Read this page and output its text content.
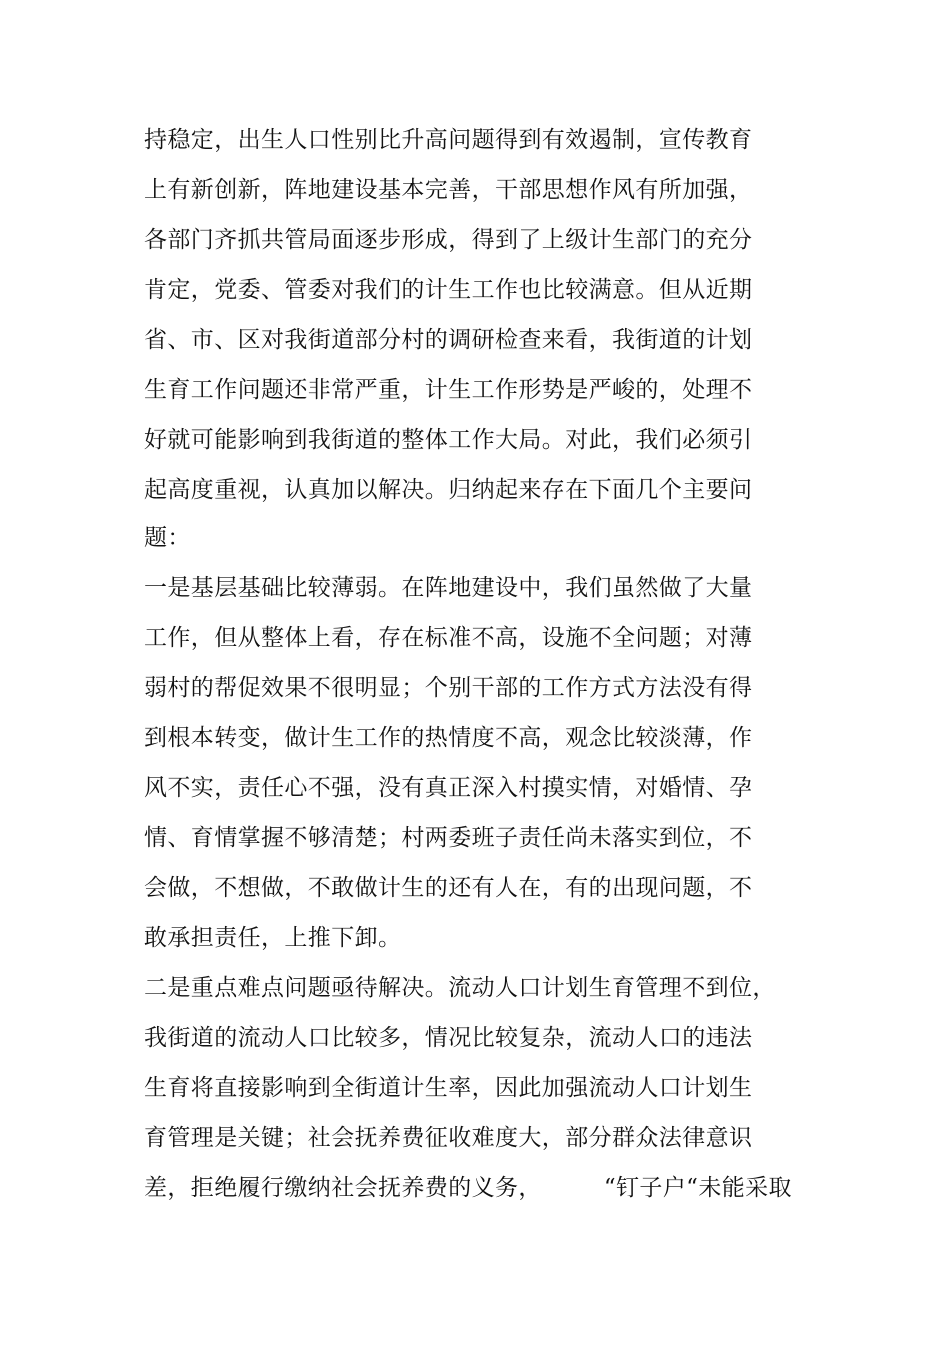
持稳定，出生人口性别比升高问题得到有效遏制，宣传教育
上有新创新，阵地建设基本完善，干部思想作风有所加强，
各部门齐抓共管局面逐步形成，得到了上级计生部门的充分
肯定，党委、管委对我们的计生工作也比较满意。但从近期
省、市、区对我街道部分村的调研检查来看，我街道的计划
生育工作问题还非常严重，计生工作形势是严峻的，处理不
好就可能影响到我街道的整体工作大局。对此，我们必须引
起高度重视，认真加以解决。归纳起来存在下面几个主要问
题：
一是基层基础比较薄弱。在阵地建设中，我们虽然做了大量
工作，但从整体上看，存在标准不高，设施不全问题；对薄
弱村的帮促效果不很明显；个别干部的工作方式方法没有得
到根本转变，做计生工作的热情度不高，观念比较淡薄，作
风不实，责任心不强，没有真正深入村摸实情，对婚情、孕
情、育情掌握不够清楚；村两委班子责任尚未落实到位，不
会做，不想做，不敢做计生的还有人在，有的出现问题，不
敢承担责任，上推下卸。
二是重点难点问题亟待解决。流动人口计划生育管理不到位，
我街道的流动人口比较多，情况比较复杂，流动人口的违法
生育将直接影响到全街道计生率，因此加强流动人口计划生
育管理是关键；社会抚养费征收难度大，部分群众法律意识
差，拒绝履行缴纳社会抚养费的义务，	“钉子户“未能采取
